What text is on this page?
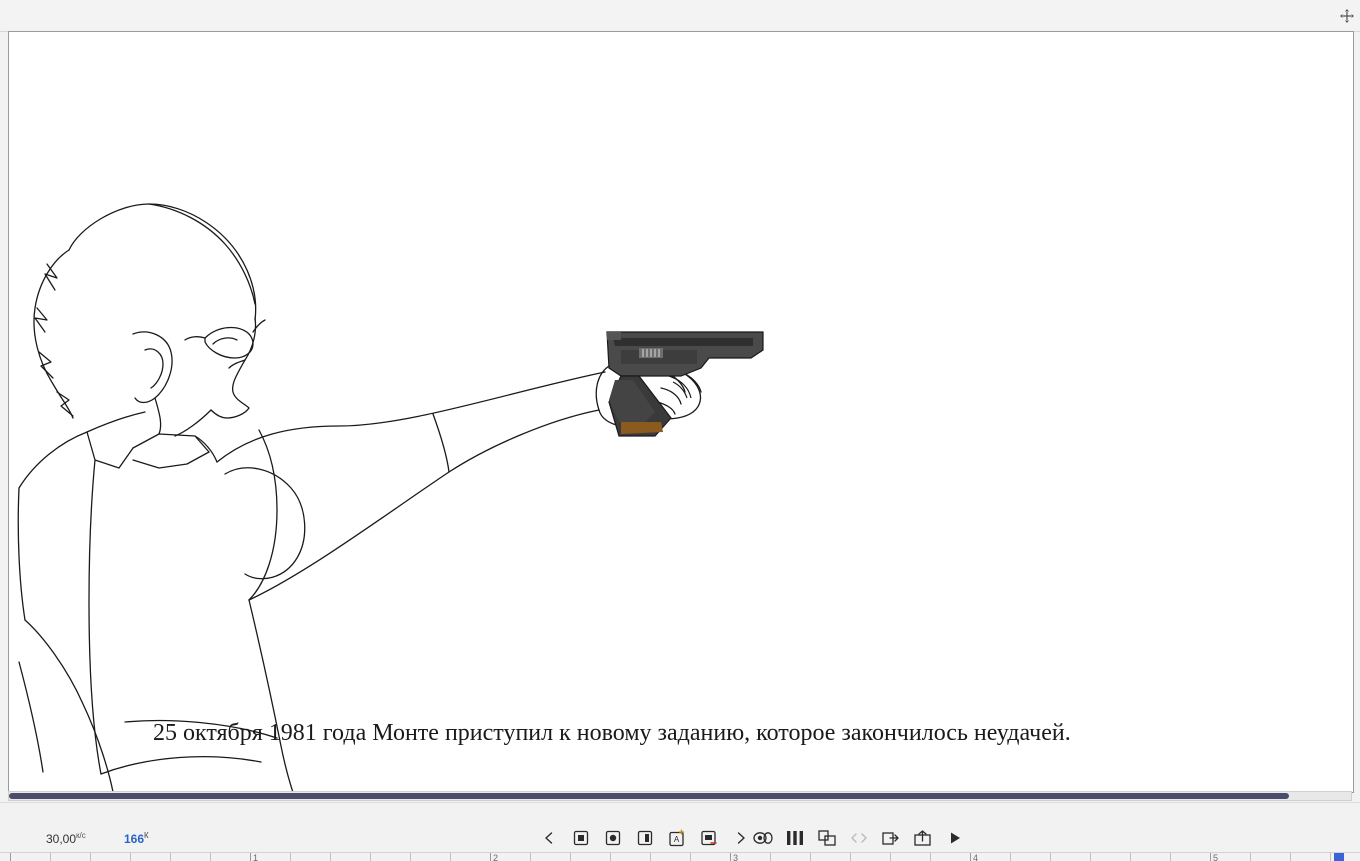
25 октября 1981 года Монте приступил к новому заданию, которое закончилось неудачей.
$30,00^{к/с}$	$166^К$	A
1	2	3	4	5
